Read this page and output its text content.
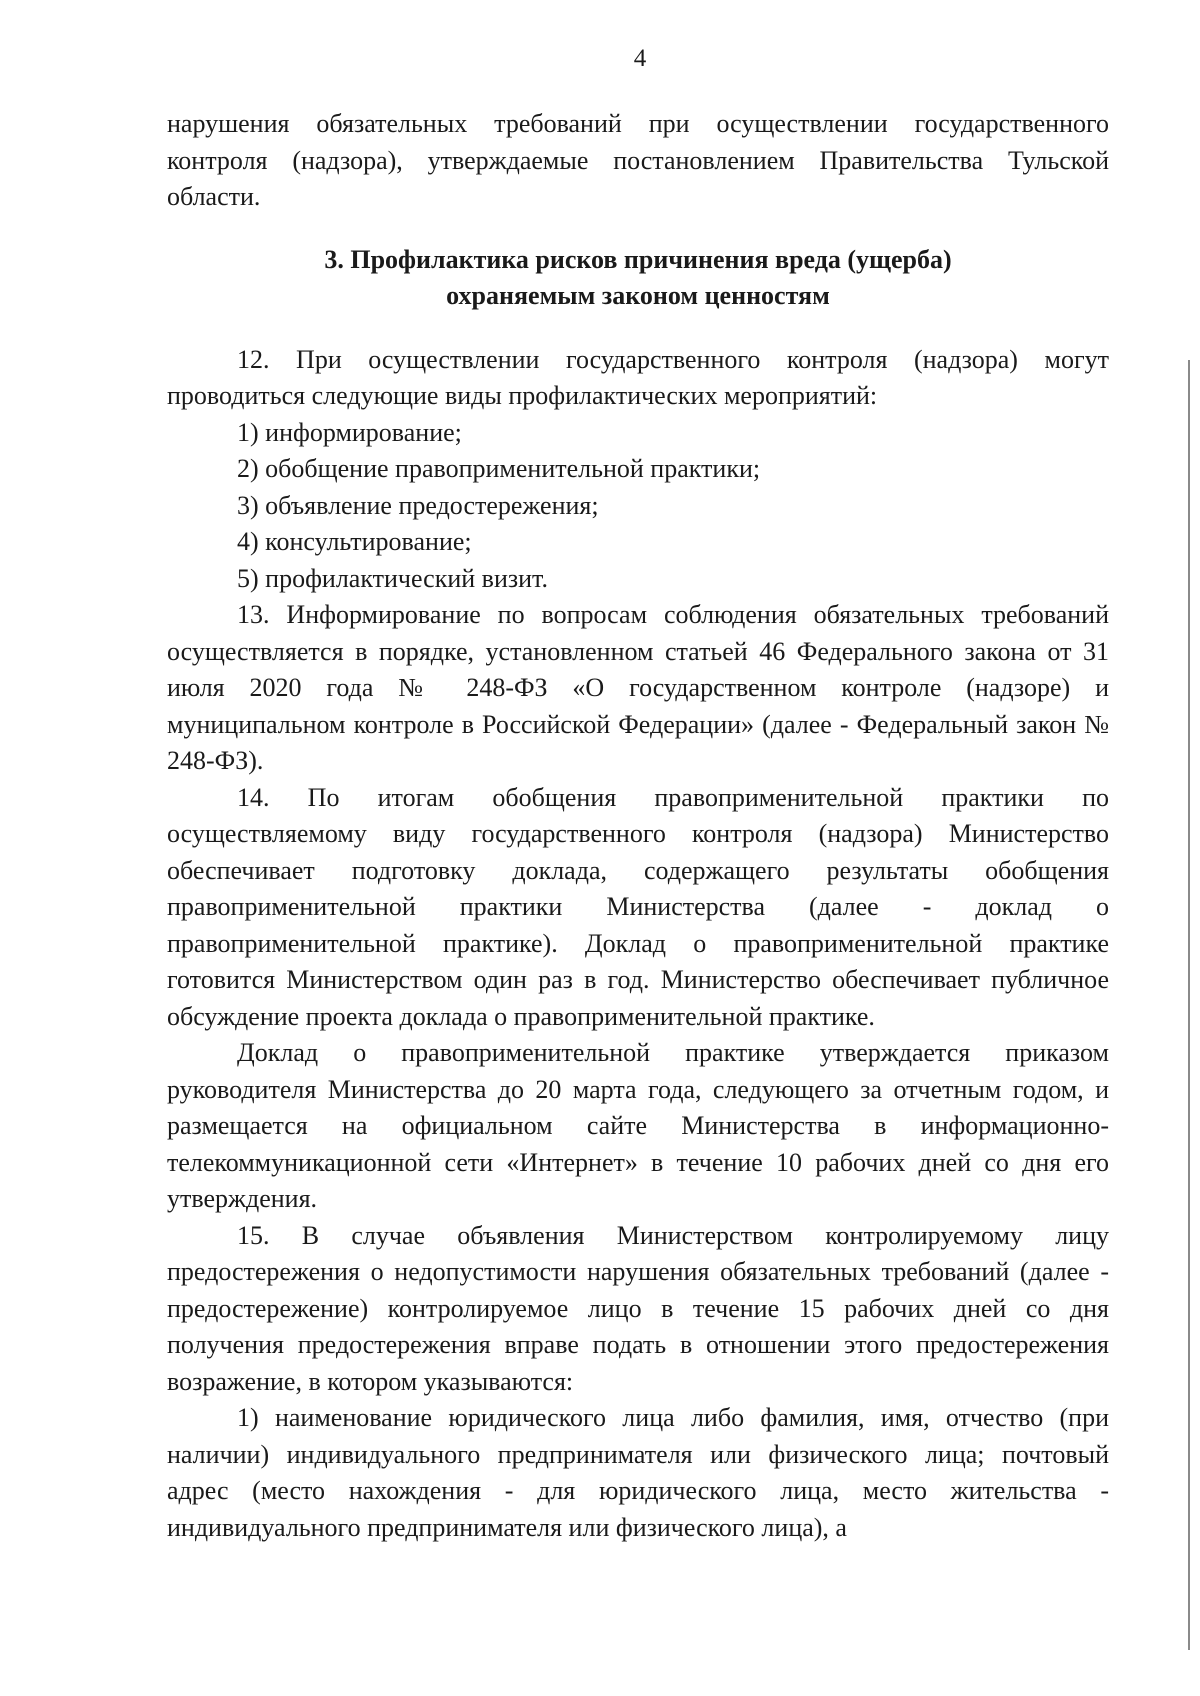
4

нарушения обязательных требований при осуществлении государственного контроля (надзора), утверждаемые постановлением Правительства Тульской области.

3. Профилактика рисков причинения вреда (ущерба)
охраняемым законом ценностям

12. При осуществлении государственного контроля (надзора) могут проводиться следующие виды профилактических мероприятий:

1) информирование;

2) обобщение правоприменительной практики;

3) объявление предостережения;

4) консультирование;

5) профилактический визит.

13. Информирование по вопросам соблюдения обязательных требований осуществляется в порядке, установленном статьей 46 Федерального закона от 31 июля 2020 года № 248-ФЗ «О государственном контроле (надзоре) и муниципальном контроле в Российской Федерации» (далее - Федеральный закон № 248-ФЗ).

14. По итогам обобщения правоприменительной практики по осуществляемому виду государственного контроля (надзора) Министерство обеспечивает подготовку доклада, содержащего результаты обобщения правоприменительной практики Министерства (далее - доклад о правоприменительной практике). Доклад о правоприменительной практике готовится Министерством один раз в год. Министерство обеспечивает публичное обсуждение проекта доклада о правоприменительной практике.

Доклад о правоприменительной практике утверждается приказом руководителя Министерства до 20 марта года, следующего за отчетным годом, и размещается на официальном сайте Министерства в информационно-телекоммуникационной сети «Интернет» в течение 10 рабочих дней со дня его утверждения.

15. В случае объявления Министерством контролируемому лицу предостережения о недопустимости нарушения обязательных требований (далее - предостережение) контролируемое лицо в течение 15 рабочих дней со дня получения предостережения вправе подать в отношении этого предостережения возражение, в котором указываются:

1) наименование юридического лица либо фамилия, имя, отчество (при наличии) индивидуального предпринимателя или физического лица; почтовый адрес (место нахождения - для юридического лица, место жительства - индивидуального предпринимателя или физического лица), а
